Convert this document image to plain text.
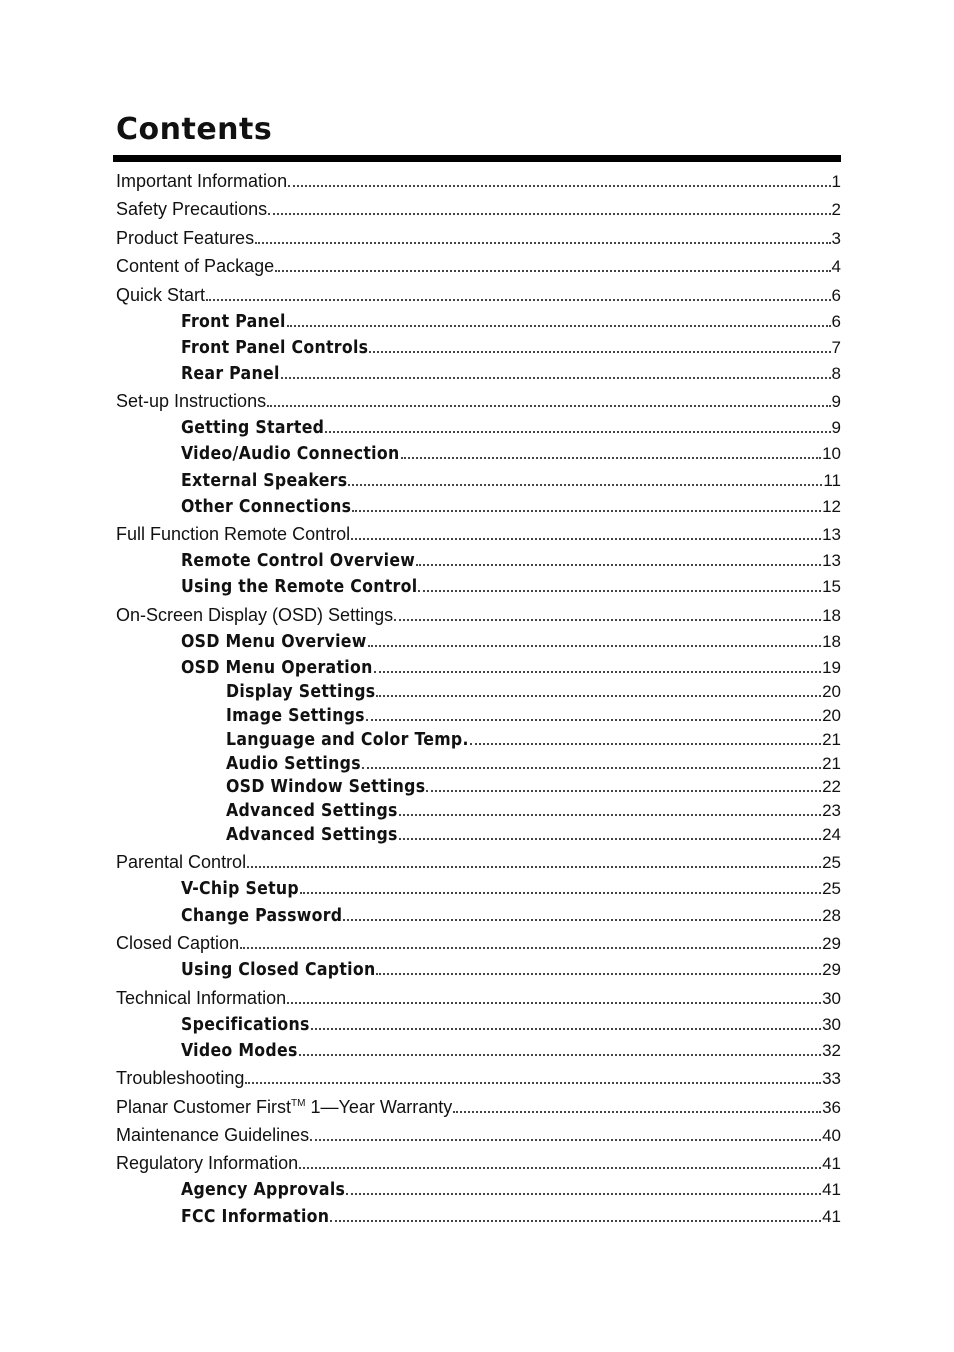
Contents
Important Information	1
Safety Precautions	2
Product Features	3
Content of Package	4
Quick Start	6
Front Panel	6
Front Panel Controls	7
Rear Panel	8
Set-up Instructions	9
Getting Started	9
Video/Audio Connection	10
External Speakers	11
Other Connections	12
Full Function Remote Control	13
Remote Control Overview	13
Using the Remote Control	15
On-Screen Display (OSD) Settings	18
OSD Menu Overview	18
OSD Menu Operation	19
Display Settings	20
Image Settings	20
Language and Color Temp.	21
Audio Settings	21
OSD Window Settings	22
Advanced Settings	23
Advanced Settings	24
Parental Control	25
V-Chip Setup	25
Change Password	28
Closed Caption	29
Using Closed Caption	29
Technical Information	30
Specifications	30
Video Modes	32
Troubleshooting	33
Planar Customer First™ 1—Year Warranty	36
Maintenance Guidelines	40
Regulatory Information	41
Agency Approvals	41
FCC Information	41
